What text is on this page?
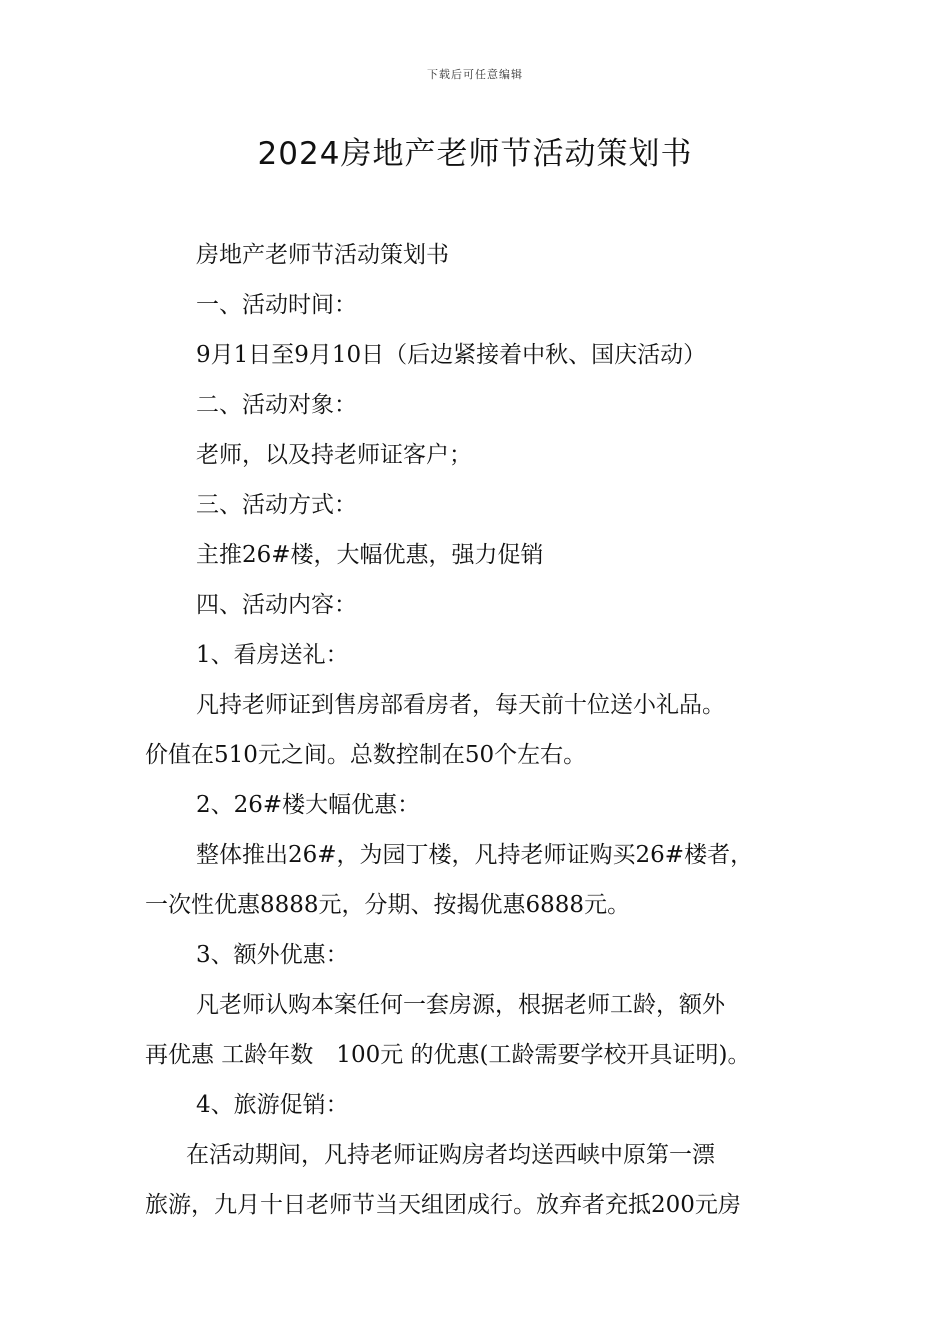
下载后可任意编辑
2024房地产老师节活动策划书
房地产老师节活动策划书
一、活动时间：
9月1日至9月10日（后边紧接着中秋、国庆活动）
二、活动对象：
老师，以及持老师证客户；
三、活动方式：
主推26#楼，大幅优惠，强力促销
四、活动内容：
1、看房送礼：
凡持老师证到售房部看房者，每天前十位送小礼品。
价值在510元之间。总数控制在50个左右。
2、26#楼大幅优惠：
整体推出26#，为园丁楼，凡持老师证购买26#楼者，
一次性优惠8888元，分期、按揭优惠6888元。
3、额外优惠：
凡老师认购本案任何一套房源，根据老师工龄，额外
再优惠 工龄年数　100元 的优惠(工龄需要学校开具证明)。
4、旅游促销：
在活动期间，凡持老师证购房者均送西峡中原第一漂
旅游，九月十日老师节当天组团成行。放弃者充抵200元房
